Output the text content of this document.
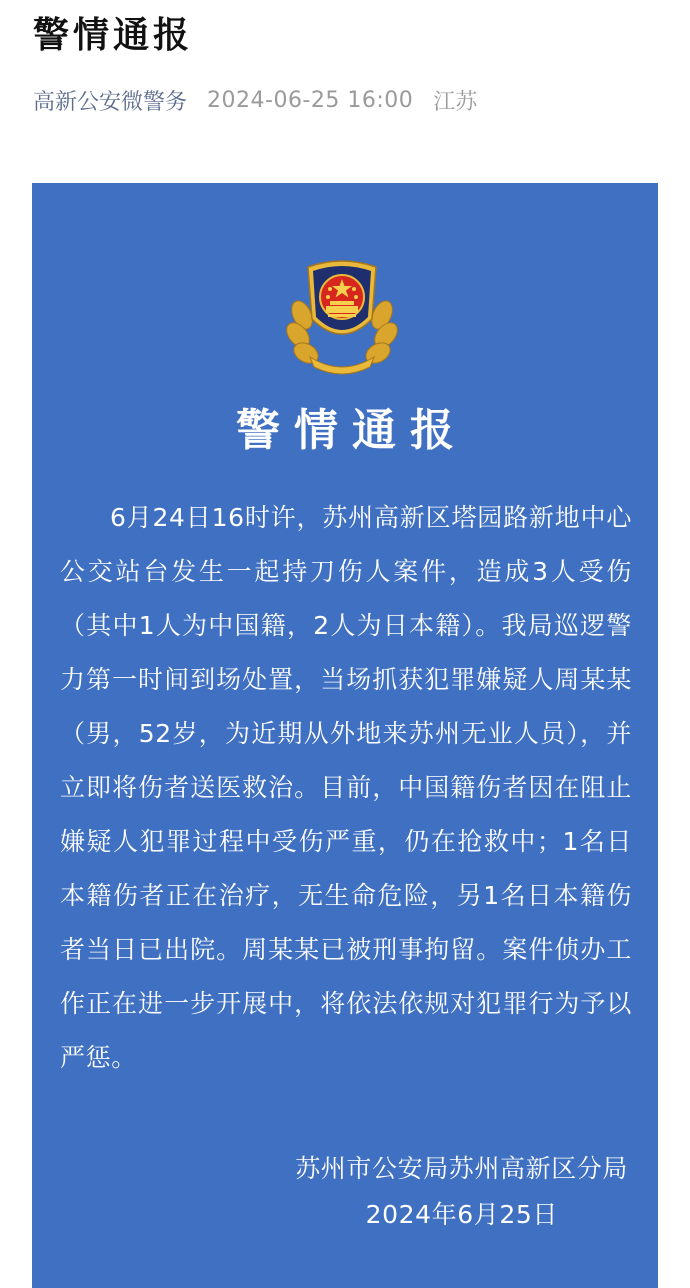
警情通报
高新公安微警务 2024-06-25 16:00 江苏
警情通报
6月24日16时许，苏州高新区塔园路新地中心公交站台发生一起持刀伤人案件，造成3人受伤（其中1人为中国籍，2人为日本籍）。我局巡逻警力第一时间到场处置，当场抓获犯罪嫌疑人周某某（男，52岁，为近期从外地来苏州无业人员），并立即将伤者送医救治。目前，中国籍伤者因在阻止嫌疑人犯罪过程中受伤严重，仍在抢救中；1名日本籍伤者正在治疗，无生命危险，另1名日本籍伤者当日已出院。周某某已被刑事拘留。案件侦办工作正在进一步开展中，将依法依规对犯罪行为予以严惩。
苏州市公安局苏州高新区分局
2024年6月25日
